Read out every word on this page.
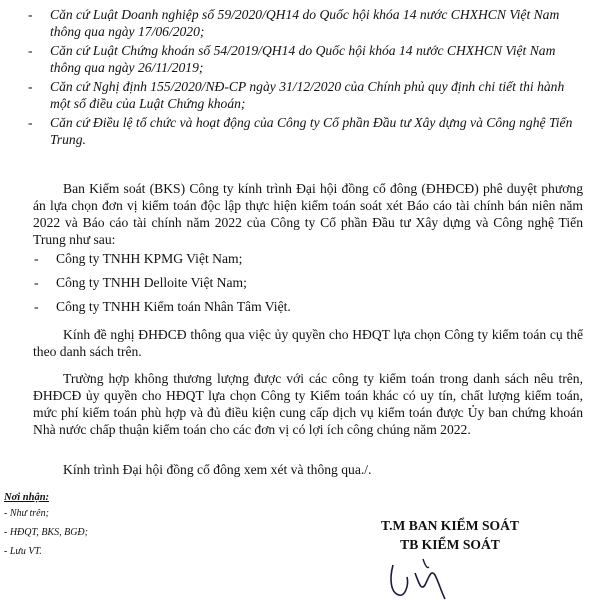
- Căn cứ Luật Doanh nghiệp số 59/2020/QH14 do Quốc hội khóa 14 nước CHXHCN Việt Nam thông qua ngày 17/06/2020;
- Căn cứ Luật Chứng khoán số 54/2019/QH14 do Quốc hội khóa 14 nước CHXHCN Việt Nam thông qua ngày 26/11/2019;
- Căn cứ Nghị định 155/2020/NĐ-CP ngày 31/12/2020 của Chính phủ quy định chi tiết thi hành một số điều của Luật Chứng khoán;
- Căn cứ Điều lệ tổ chức và hoạt động của Công ty Cổ phần Đầu tư Xây dựng và Công nghệ Tiến Trung.
Ban Kiểm soát (BKS) Công ty kính trình Đại hội đồng cổ đông (ĐHĐCĐ) phê duyệt phương án lựa chọn đơn vị kiểm toán độc lập thực hiện kiểm toán soát xét Báo cáo tài chính bán niên năm 2022 và Báo cáo tài chính năm 2022 của Công ty Cổ phần Đầu tư Xây dựng và Công nghệ Tiến Trung như sau:
- Công ty TNHH KPMG Việt Nam;
- Công ty TNHH Delloite Việt Nam;
- Công ty TNHH Kiểm toán Nhân Tâm Việt.
Kính đề nghị ĐHĐCĐ thông qua việc ủy quyền cho HĐQT lựa chọn Công ty kiểm toán cụ thể theo danh sách trên.
Trường hợp không thương lượng được với các công ty kiểm toán trong danh sách nêu trên, ĐHĐCĐ ủy quyền cho HĐQT lựa chọn Công ty Kiểm toán khác có uy tín, chất lượng kiểm toán, mức phí kiểm toán phù hợp và đủ điều kiện cung cấp dịch vụ kiểm toán được Ủy ban chứng khoán Nhà nước chấp thuận kiểm toán cho các đơn vị có lợi ích công chúng năm 2022.
Kính trình Đại hội đồng cổ đông xem xét và thông qua./.
Nơi nhận:
- Như trên;
- HĐQT, BKS, BGĐ;
- Lưu VT.
T.M BAN KIỂM SOÁT
TB KIỂM SOÁT
